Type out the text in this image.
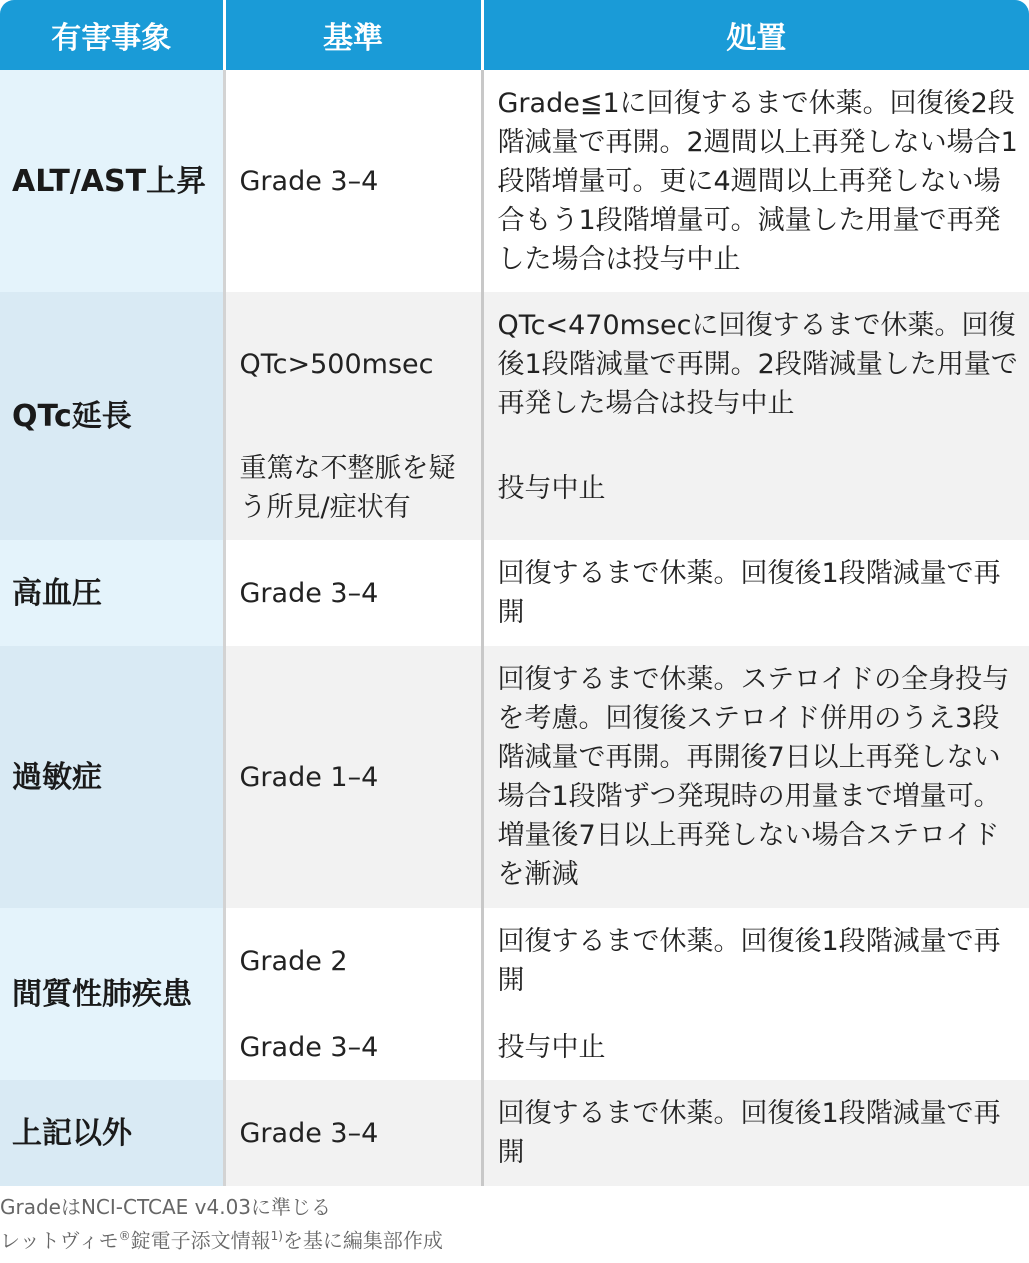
有害事象	基準	処置
ALT/AST上昇	Grade 3–4	Grade≦1に回復するまで休薬。回復後2段階減量で再開。2週間以上再発しない場合1段階増量可。更に4週間以上再発しない場合もう1段階増量可。減量した用量で再発した場合は投与中止
QTc延長	QTc>500msec	QTc<470msecに回復するまで休薬。回復後1段階減量で再開。2段階減量した用量で再発した場合は投与中止
	重篤な不整脈を疑う所見/症状有	投与中止
高血圧	Grade 3–4	回復するまで休薬。回復後1段階減量で再開
過敏症	Grade 1–4	回復するまで休薬。ステロイドの全身投与を考慮。回復後ステロイド併用のうえ3段階減量で再開。再開後7日以上再発しない場合1段階ずつ発現時の用量まで増量可。増量後7日以上再発しない場合ステロイドを漸減
間質性肺疾患	Grade 2	回復するまで休薬。回復後1段階減量で再開
	Grade 3–4	投与中止
上記以外	Grade 3–4	回復するまで休薬。回復後1段階減量で再開
GradeはNCI-CTCAE v4.03に準じる
レットヴィモ®錠電子添文情報$^{1)}$を基に編集部作成
